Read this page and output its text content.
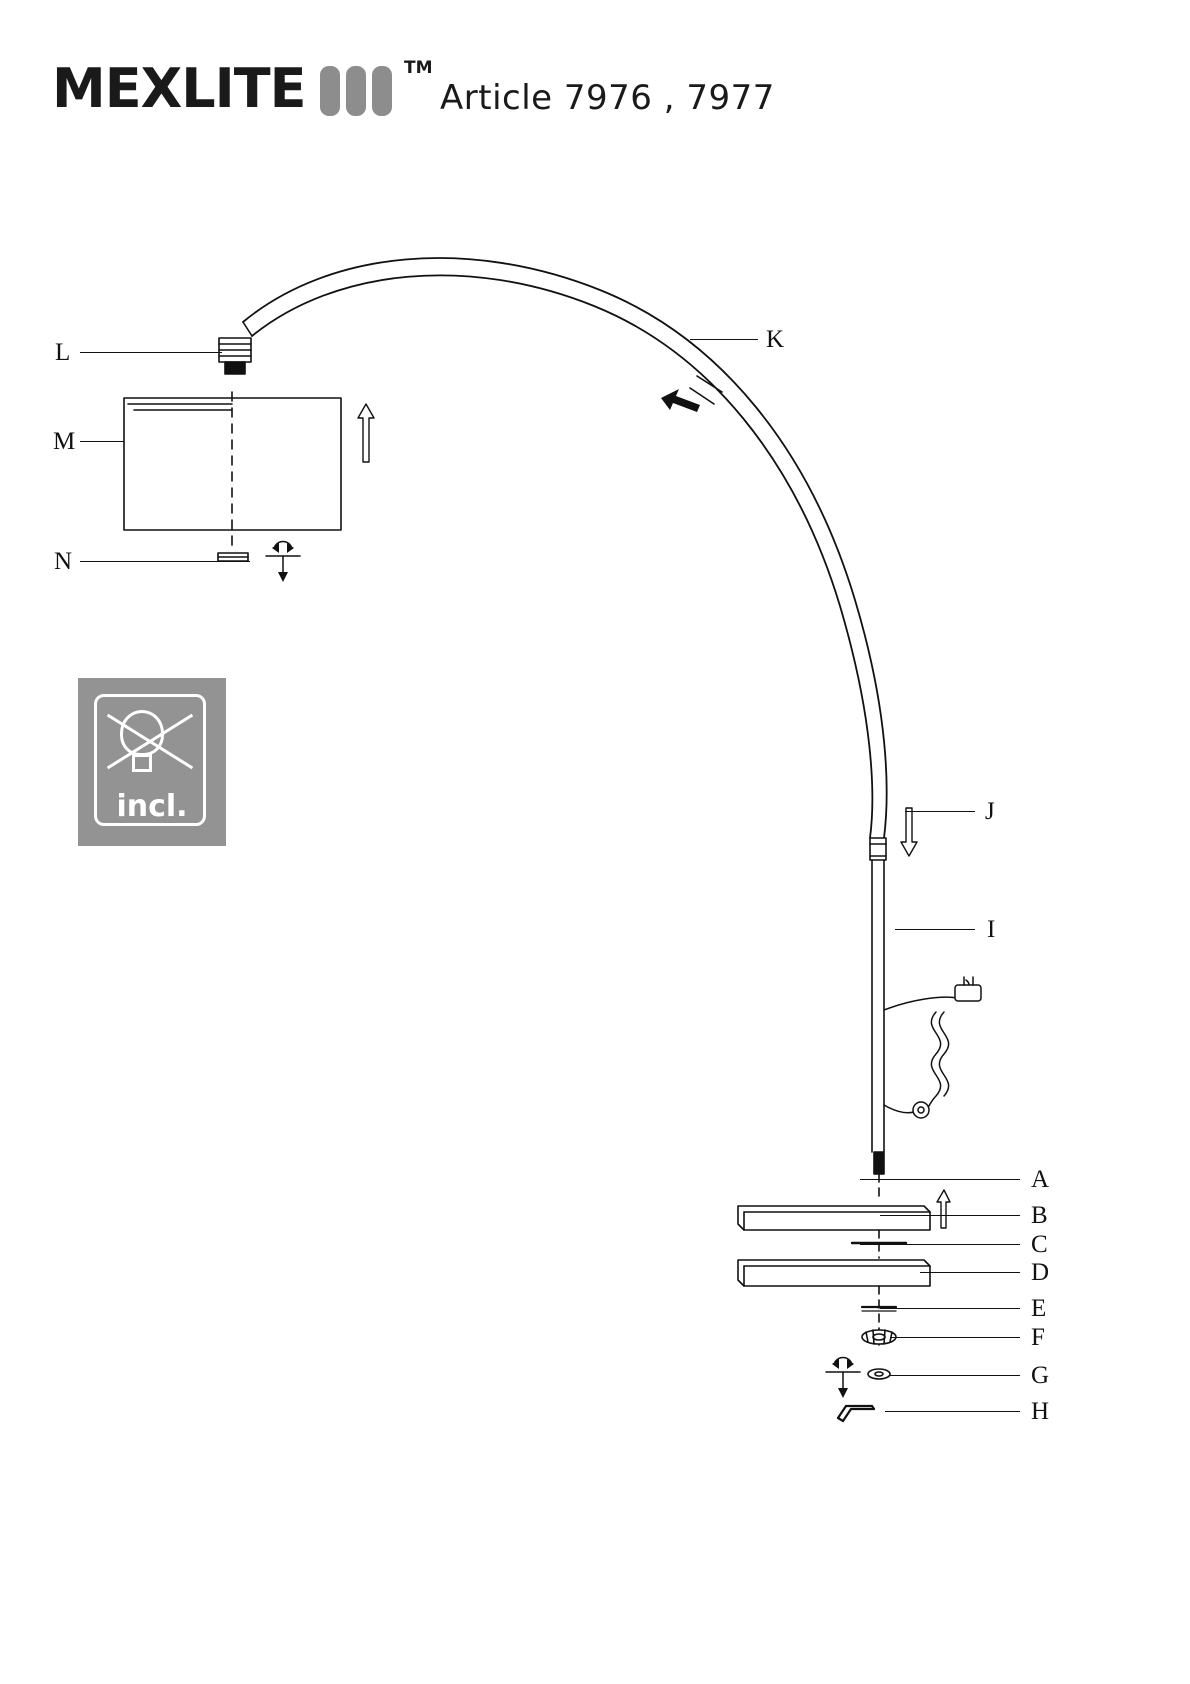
MEXLITE	TM
Article 7976 , 7977
incl.
L
M
N
K
J
I
A
B
C
D
E
F
G
H
